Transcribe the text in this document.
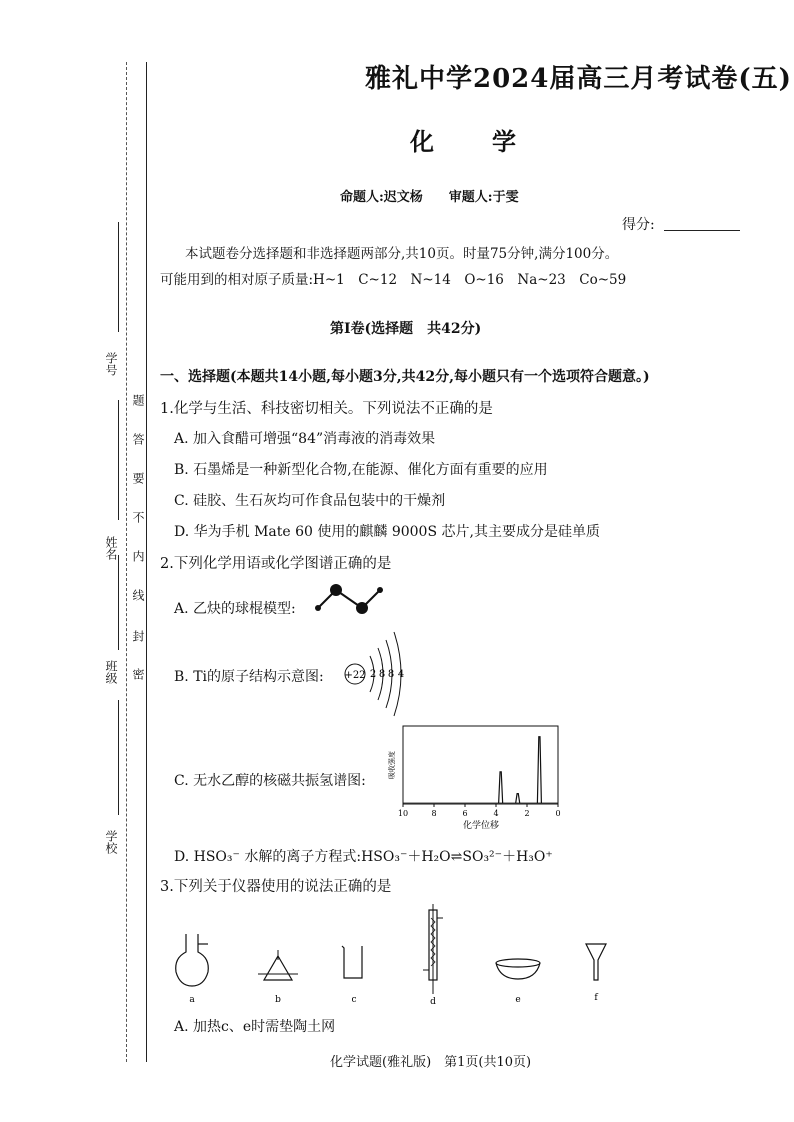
学号
姓名
班级
学校
题
答
要
不
内
线
封
密
雅礼中学2024届高三月考试卷(五)
化学
命题人:迟文杨　　审题人:于雯
得分:
本试题卷分选择题和非选择题两部分,共10页。时量75分钟,满分100分。
可能用到的相对原子质量:H~1　C~12　N~14　O~16　Na~23　Co~59
第Ⅰ卷(选择题　共42分)
一、选择题(本题共14小题,每小题3分,共42分,每小题只有一个选项符合题意。)
1.化学与生活、科技密切相关。下列说法不正确的是
A. 加入食醋可增强“84”消毒液的消毒效果
B. 石墨烯是一种新型化合物,在能源、催化方面有重要的应用
C. 硅胶、生石灰均可作食品包装中的干燥剂
D. 华为手机 Mate 60 使用的麒麟 9000S 芯片,其主要成分是硅单质
2.下列化学用语或化学图谱正确的是
A. 乙炔的球棍模型:
B. Ti的原子结构示意图: +22 2 8 8 4
C. 无水乙醇的核磁共振氢谱图:
吸收强度
10	8	6	4	2	0
化学位移
D. HSO₃⁻ 水解的离子方程式:HSO₃⁻＋H₂O⇌SO₃²⁻＋H₃O⁺
3.下列关于仪器使用的说法正确的是
a	b	c	d	e	f
A. 加热c、e时需垫陶土网
化学试题(雅礼版)　第1页(共10页)
